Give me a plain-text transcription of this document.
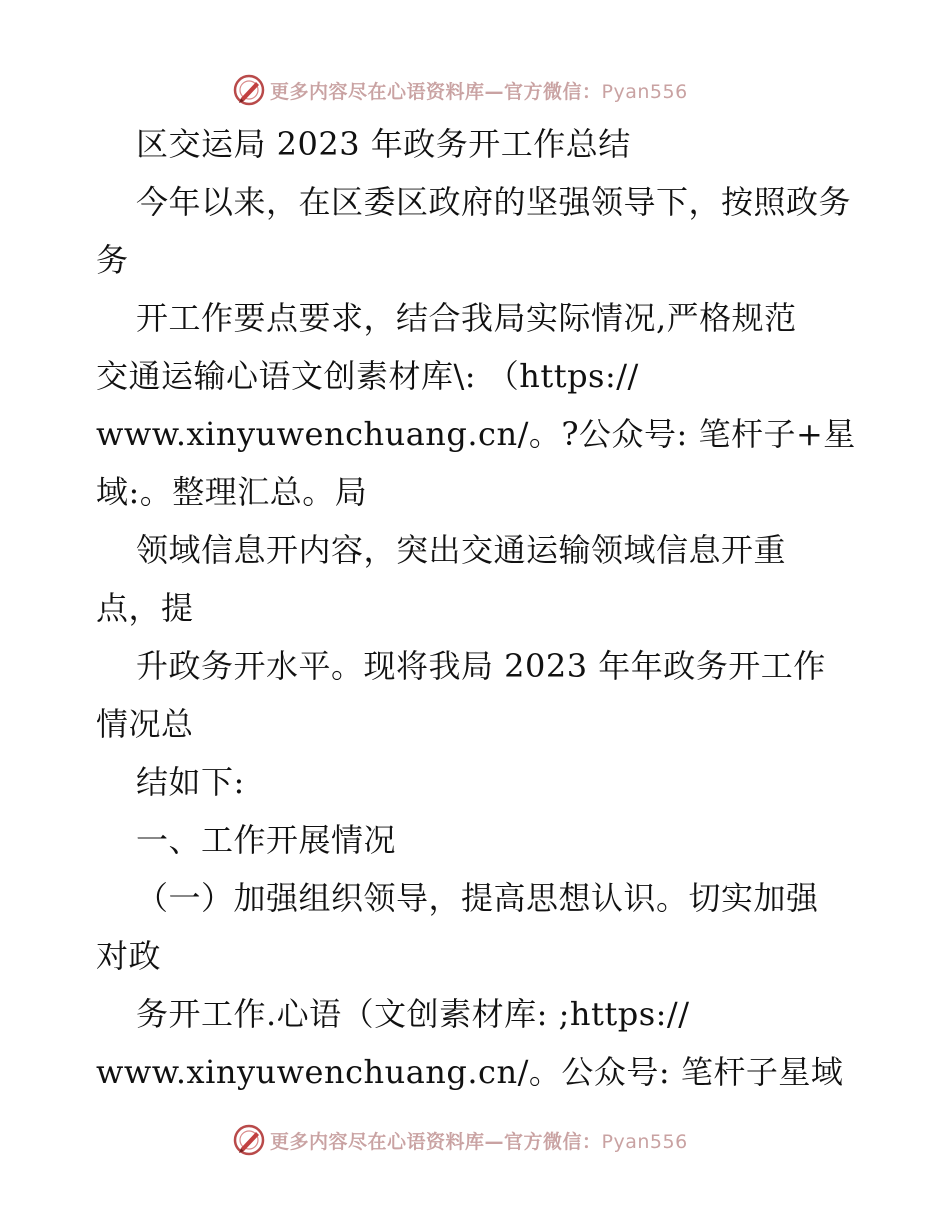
更多内容尽在心语资料库—官方微信：Pyan556
区交运局 2023 年政务开工作总结
今年以来，在区委区政府的坚强领导下，按照政务
务
开工作要点要求，结合我局实际情况,严格规范
交通运输心语文创素材库\: （https://
www.xinyuwenchuang.cn/。?公众号: 笔杆子+星
域:。整理汇总。局
领域信息开内容，突出交通运输领域信息开重
点，提
升政务开水平。现将我局 2023 年年政务开工作
情况总
结如下:
一、工作开展情况
（一）加强组织领导，提高思想认识。切实加强
对政
务开工作.心语（文创素材库: ;https://
www.xinyuwenchuang.cn/。公众号: 笔杆子星域
更多内容尽在心语资料库—官方微信：Pyan556
